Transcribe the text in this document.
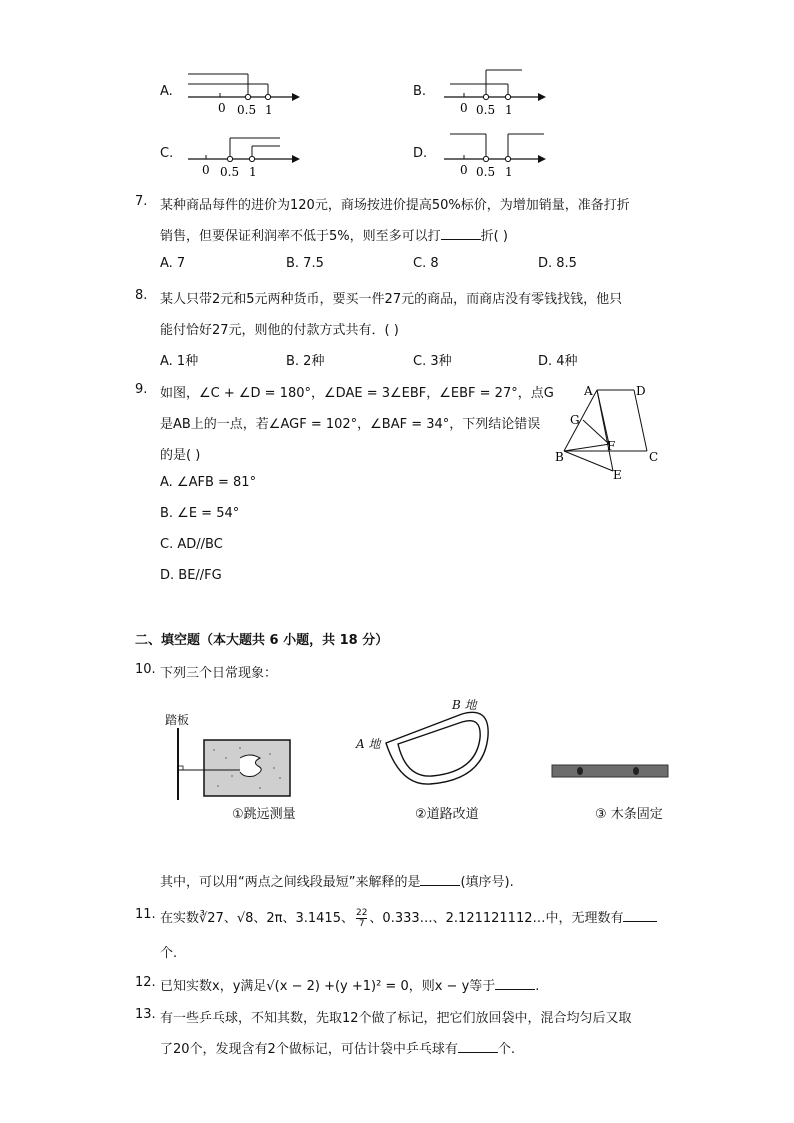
A.
0 0.5 1
B.
0 0.5 1
C.
0 0.5 1
D.
0 0.5 1
7. 某种商品每件的进价为120元，商场按进价提高50%标价，为增加销量，准备打折
销售，但要保证利润率不低于5%，则至多可以打	折( )
A. 7	B. 7.5	C. 8	D. 8.5
8. 某人只带2元和5元两种货币，要买一件27元的商品，而商店没有零钱找钱，他只
能付恰好27元，则他的付款方式共有．( )
A. 1种	B. 2种	C. 3种	D. 4种
9. 如图，∠C + ∠D = 180°，∠DAE = 3∠EBF，∠EBF = 27°，点G
是AB上的一点，若∠AGF = 102°，∠BAF = 34°，下列结论错误
的是( )
A. ∠AFB = 81°
B. ∠E = 54°
C. AD//BC
D. BE//FG
A	D
G
F
B	C
E
二、填空题（本大题共 6 小题，共 18 分）
10. 下列三个日常现象：
踏板
①跳远测量
B 地
A 地
②道路改道	③ 木条固定
其中，可以用“两点之间线段最短”来解释的是	(填序号).
11. 在实数∛27、√8、2π、3.1415、 $\frac{22}{7}$ 、0.333…、2.121121112…中，无理数有
个.
12. 已知实数x，y满足√(x − 2) +(y +1)² = 0，则x − y等于	.
13. 有一些乒乓球，不知其数，先取12个做了标记，把它们放回袋中，混合均匀后又取
了20个，发现含有2个做标记，可估计袋中乒乓球有	个.
